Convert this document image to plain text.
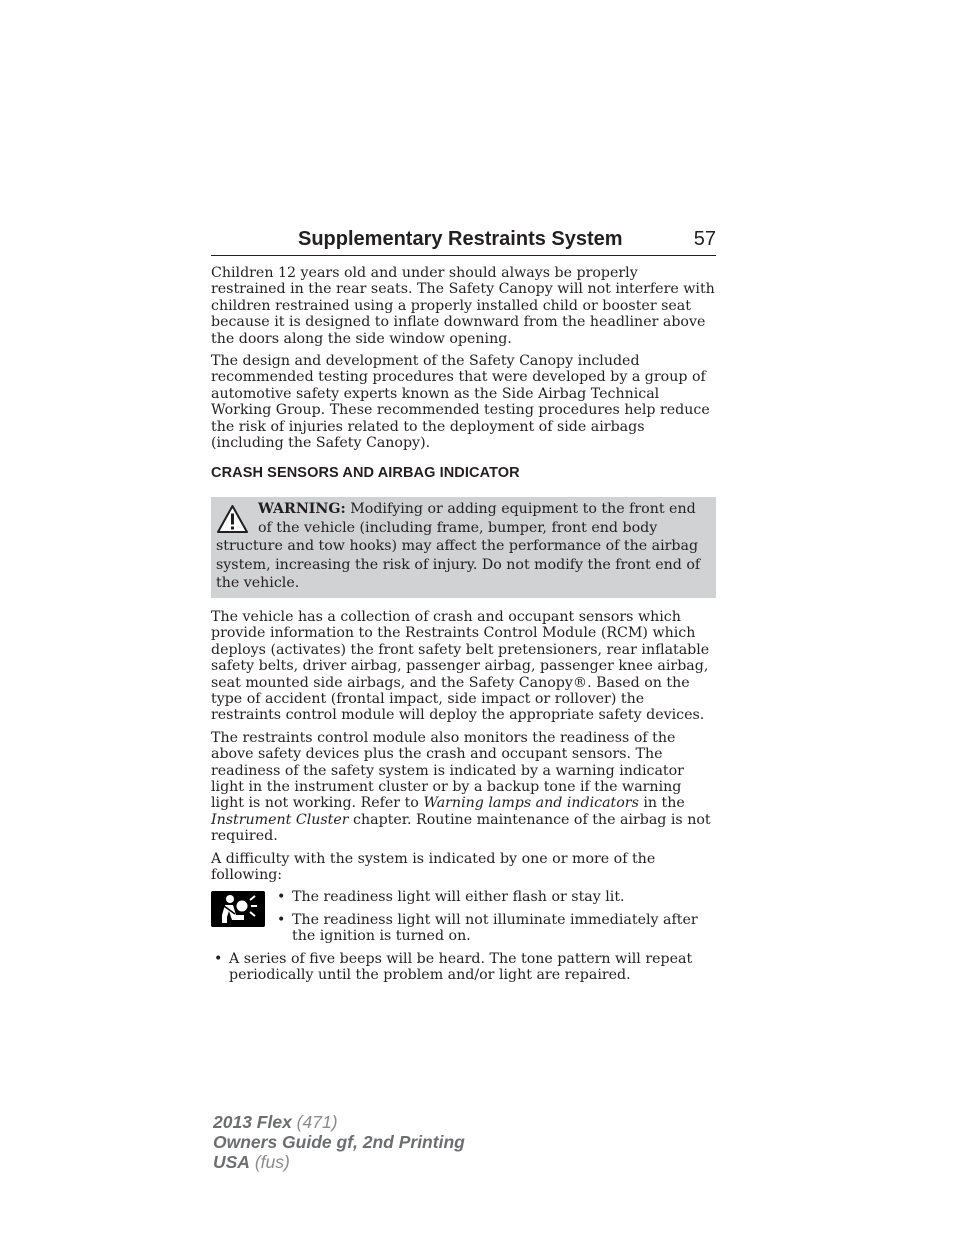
Supplementary Restraints System	57

Children 12 years old and under should always be properly restrained in the rear seats. The Safety Canopy will not interfere with children restrained using a properly installed child or booster seat because it is designed to inflate downward from the headliner above the doors along the side window opening.

The design and development of the Safety Canopy included recommended testing procedures that were developed by a group of automotive safety experts known as the Side Airbag Technical Working Group. These recommended testing procedures help reduce the risk of injuries related to the deployment of side airbags (including the Safety Canopy).

CRASH SENSORS AND AIRBAG INDICATOR
WARNING: Modifying or adding equipment to the front end of the vehicle (including frame, bumper, front end body structure and tow hooks) may affect the performance of the airbag system, increasing the risk of injury. Do not modify the front end of the vehicle.

The vehicle has a collection of crash and occupant sensors which provide information to the Restraints Control Module (RCM) which deploys (activates) the front safety belt pretensioners, rear inflatable safety belts, driver airbag, passenger airbag, passenger knee airbag, seat mounted side airbags, and the Safety Canopy®. Based on the type of accident (frontal impact, side impact or rollover) the restraints control module will deploy the appropriate safety devices.

The restraints control module also monitors the readiness of the above safety devices plus the crash and occupant sensors. The readiness of the safety system is indicated by a warning indicator light in the instrument cluster or by a backup tone if the warning light is not working. Refer to Warning lamps and indicators in the Instrument Cluster chapter. Routine maintenance of the airbag is not required.

A difficulty with the system is indicated by one or more of the following:

• The readiness light will either flash or stay lit.
• The readiness light will not illuminate immediately after the ignition is turned on.
• A series of five beeps will be heard. The tone pattern will repeat periodically until the problem and/or light are repaired.
2013 Flex (471)
Owners Guide gf, 2nd Printing
USA (fus)
